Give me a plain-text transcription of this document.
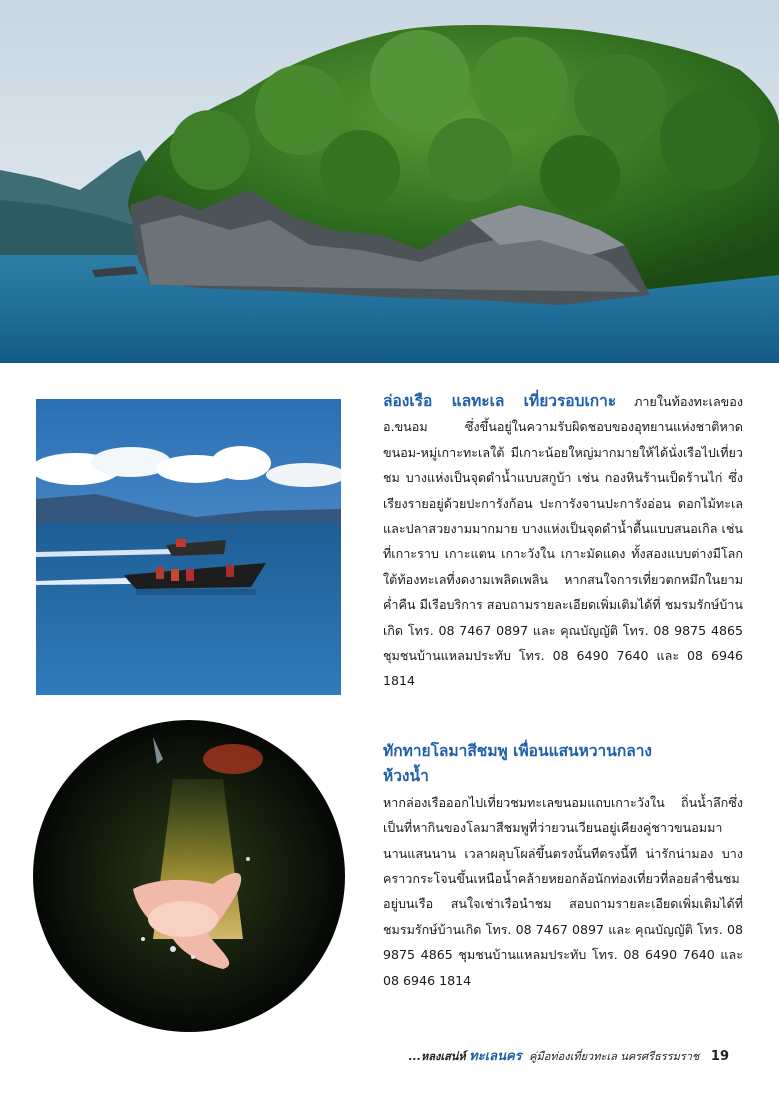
ล่องเรือ แลทะเล เที่ยวรอบเกาะ ภายในท้องทะเลของ อ.ขนอม ซึ่งขึ้นอยู่ในความรับผิดชอบของอุทยานแห่งชาติหาดขนอม-หมู่เกาะทะเลใต้ มีเกาะน้อยใหญ่มากมายให้ได้นั่งเรือไปเที่ยวชม บางแห่งเป็นจุดดำน้ำแบบสกูบ้า เช่น กองหินร้านเป็ดร้านไก่ ซึ่งเรียงรายอยู่ด้วยปะการังก้อน ปะการังจานปะการังอ่อน ดอกไม้ทะเล และปลาสวยงามมากมาย บางแห่งเป็นจุดดำน้ำตื้นแบบสนอเกิล เช่นที่เกาะราบ เกาะแตน เกาะวังใน เกาะมัดแดง ทั้งสองแบบต่างมีโลกใต้ท้องทะเลที่งดงามเพลิดเพลิน หากสนใจการเที่ยวตกหมึกในยามค่ำคืน มีเรือบริการ สอบถามรายละเอียดเพิ่มเติมได้ที่ ชมรมรักษ์บ้านเกิด โทร. 08 7467 0897 และ คุณบัญญัติ โทร. 08 9875 4865 ชุมชนบ้านแหลมประทับ โทร. 08 6490 7640 และ 08 6946 1814

ทักทายโลมาสีชมพู เพื่อนแสนหวานกลาง
ห้วงน้ำ
หากล่องเรือออกไปเที่ยวชมทะเลขนอมแถบเกาะวังใน ถิ่นน้ำลึกซึ่งเป็นที่หากินของโลมาสีชมพูที่ว่ายวนเวียนอยู่เคียงคู่ชาวขนอมมานานแสนนาน เวลาผลุบโผล่ขึ้นตรงนั้นทีตรงนี้ที น่ารักน่ามอง บางคราวกระโจนขึ้นเหนือน้ำคล้ายหยอกล้อนักท่องเที่ยวที่ลอยลำชื่นชมอยู่บนเรือ สนใจเช่าเรือนำชม สอบถามรายละเอียดเพิ่มเติมได้ที่ ชมรมรักษ์บ้านเกิด โทร. 08 7467 0897 และ คุณบัญญัติ โทร. 08 9875 4865 ชุมชนบ้านแหลมประทับ โทร. 08 6490 7640 และ 08 6946 1814

...หลงเสน่ห์ ทะเลนคร คู่มือท่องเที่ยวทะเล นครศรีธรรมราช 19
